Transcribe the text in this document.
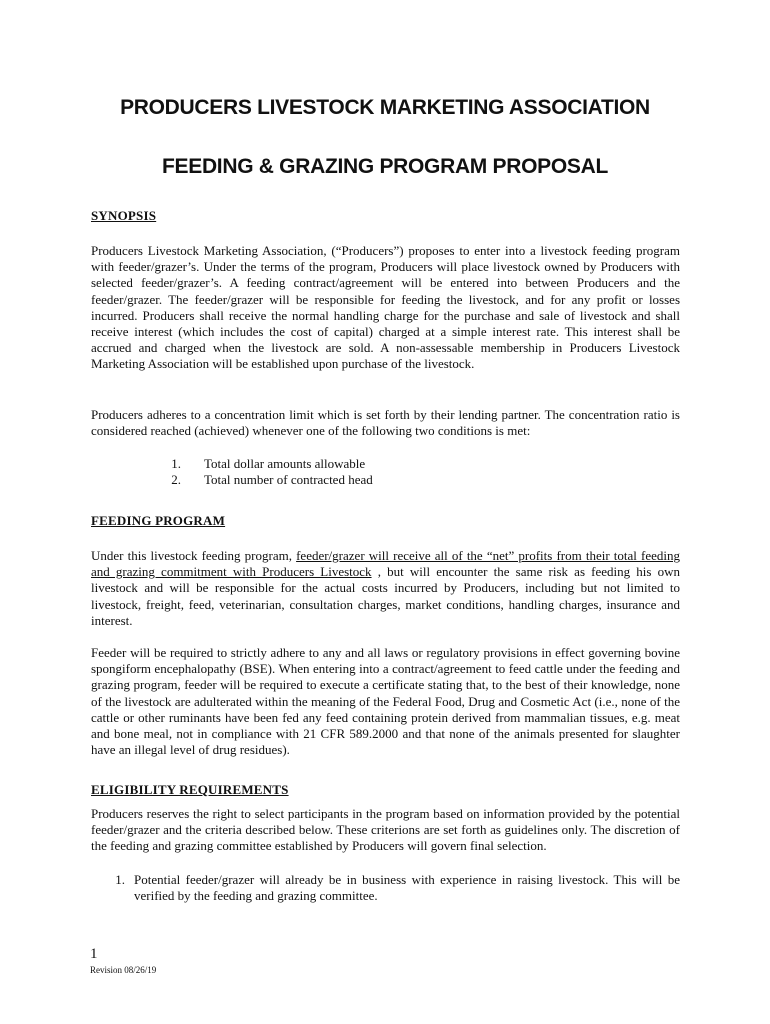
PRODUCERS LIVESTOCK MARKETING ASSOCIATION
FEEDING & GRAZING PROGRAM PROPOSAL
SYNOPSIS

Producers Livestock Marketing Association, (“Producers”) proposes to enter into a livestock feeding program with feeder/grazer’s. Under the terms of the program, Producers will place livestock owned by Producers with selected feeder/grazer’s. A feeding contract/agreement will be entered into between Producers and the feeder/grazer. The feeder/grazer will be responsible for feeding the livestock, and for any profit or losses incurred. Producers shall receive the normal handling charge for the purchase and sale of livestock and shall receive interest (which includes the cost of capital) charged at a simple interest rate. This interest shall be accrued and charged when the livestock are sold. A non-assessable membership in Producers Livestock Marketing Association will be established upon purchase of the livestock.

Producers adheres to a concentration limit which is set forth by their lending partner. The concentration ratio is considered reached (achieved) whenever one of the following two conditions is met:

1.	Total dollar amounts allowable
2.	Total number of contracted head
FEEDING PROGRAM

Under this livestock feeding program, feeder/grazer will receive all of the “net” profits from their total feeding and grazing commitment with Producers Livestock , but will encounter the same risk as feeding his own livestock and will be responsible for the actual costs incurred by Producers, including but not limited to livestock, freight, feed, veterinarian, consultation charges, market conditions, handling charges, insurance and interest.

Feeder will be required to strictly adhere to any and all laws or regulatory provisions in effect governing bovine spongiform encephalopathy (BSE). When entering into a contract/agreement to feed cattle under the feeding and grazing program, feeder will be required to execute a certificate stating that, to the best of their knowledge, none of the livestock are adulterated within the meaning of the Federal Food, Drug and Cosmetic Act (i.e., none of the cattle or other ruminants have been fed any feed containing protein derived from mammalian tissues, e.g. meat and bone meal, not in compliance with 21 CFR 589.2000 and that none of the animals presented for slaughter have an illegal level of drug residues).

ELIGIBILITY REQUIREMENTS

Producers reserves the right to select participants in the program based on information provided by the potential feeder/grazer and the criteria described below. These criterions are set forth as guidelines only. The discretion of the feeding and grazing committee established by Producers will govern final selection.

1. Potential feeder/grazer will already be in business with experience in raising livestock. This will be verified by the feeding and grazing committee.
1
Revision 08/26/19
